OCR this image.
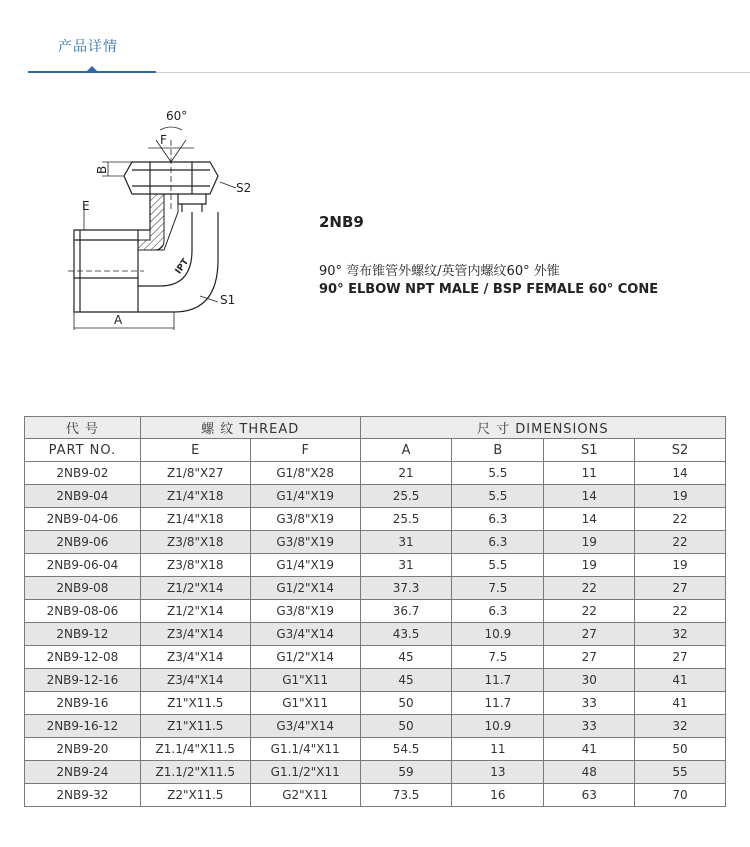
产品详情
60°
F
B
S2
E
A
S1
IPT
2NB9
90° 弯布锥管外螺纹/英管内螺纹60° 外锥
90° ELBOW NPT MALE / BSP FEMALE 60° CONE
代 号	螺 纹 THREAD		尺 寸 DIMENSIONS			
PART NO.	E	F	A	B	S1	S2
2NB9-02	Z1/8"X27	G1/8"X28	21	5.5	11	14
2NB9-04	Z1/4"X18	G1/4"X19	25.5	5.5	14	19
2NB9-04-06	Z1/4"X18	G3/8"X19	25.5	6.3	14	22
2NB9-06	Z3/8"X18	G3/8"X19	31	6.3	19	22
2NB9-06-04	Z3/8"X18	G1/4"X19	31	5.5	19	19
2NB9-08	Z1/2"X14	G1/2"X14	37.3	7.5	22	27
2NB9-08-06	Z1/2"X14	G3/8"X19	36.7	6.3	22	22
2NB9-12	Z3/4"X14	G3/4"X14	43.5	10.9	27	32
2NB9-12-08	Z3/4"X14	G1/2"X14	45	7.5	27	27
2NB9-12-16	Z3/4"X14	G1"X11	45	11.7	30	41
2NB9-16	Z1"X11.5	G1"X11	50	11.7	33	41
2NB9-16-12	Z1"X11.5	G3/4"X14	50	10.9	33	32
2NB9-20	Z1.1/4"X11.5	G1.1/4"X11	54.5	11	41	50
2NB9-24	Z1.1/2"X11.5	G1.1/2"X11	59	13	48	55
2NB9-32	Z2"X11.5	G2"X11	73.5	16	63	70
